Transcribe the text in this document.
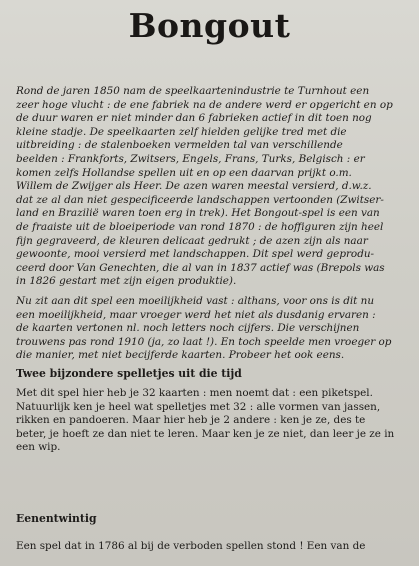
Bongout
Rond de jaren 1850 nam de speelkaartenindustrie te Turnhout een
zeer hoge vlucht : de ene fabriek na de andere werd er opgericht en op
de duur waren er niet minder dan 6 fabrieken actief in dit toen nog
kleine stadje. De speelkaarten zelf hielden gelijke tred met die
uitbreiding : de stalenboeken vermelden tal van verschillende
beelden : Frankforts, Zwitsers, Engels, Frans, Turks, Belgisch : er
komen zelfs Hollandse spellen uit en op een daarvan prijkt o.m.
Willem de Zwijger als Heer. De azen waren meestal versierd, d.w.z.
dat ze al dan niet gespecificeerde landschappen vertoonden (Zwitser-
land en Brazilië waren toen erg in trek). Het Bongout-spel is een van
de fraaiste uit de bloeiperiode van rond 1870 : de hoffiguren zijn heel
fijn gegraveerd, de kleuren delicaat gedrukt ; de azen zijn als naar
gewoonte, mooi versierd met landschappen. Dit spel werd geprodu-
ceerd door Van Genechten, die al van in 1837 actief was (Brepols was
in 1826 gestart met zijn eigen produktie).
Nu zit aan dit spel een moeilijkheid vast : althans, voor ons is dit nu
een moeilijkheid, maar vroeger werd het niet als dusdanig ervaren :
de kaarten vertonen nl. noch letters noch cijfers. Die verschijnen
trouwens pas rond 1910 (ja, zo laat !). En toch speelde men vroeger op
die manier, met niet becijferde kaarten. Probeer het ook eens.
Twee bijzondere spelletjes uit die tijd
Met dit spel hier heb je 32 kaarten : men noemt dat : een piketspel.
Natuurlijk ken je heel wat spelletjes met 32 : alle vormen van jassen,
rikken en pandoeren. Maar hier heb je 2 andere : ken je ze, des te
beter, je hoeft ze dan niet te leren. Maar ken je ze niet, dan leer je ze in
een wip.
Eenentwintig
Een spel dat in 1786 al bij de verboden spellen stond ! Een van de
